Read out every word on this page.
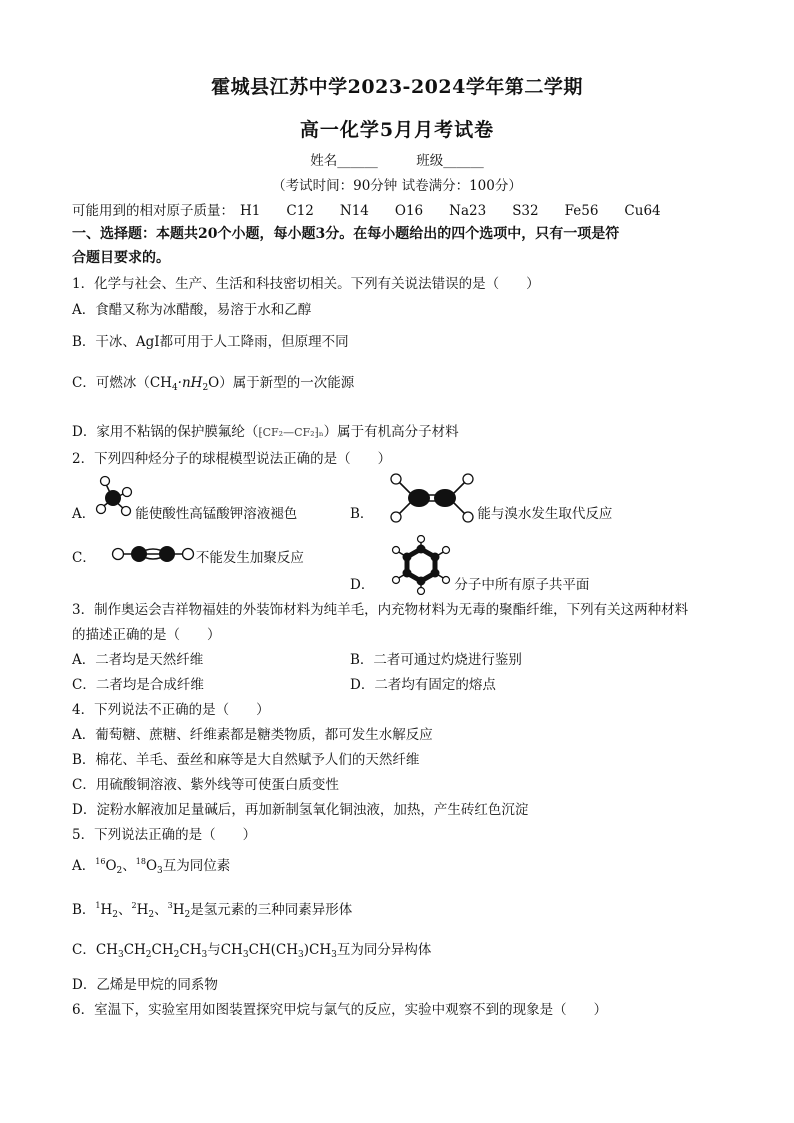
霍城县江苏中学2023-2024学年第二学期
高一化学5月月考试卷
姓名______	班级______
（考试时间：90分钟 试卷满分：100分）
可能用到的相对原子质量： H1 C12 N14 O16 Na23 S32 Fe56 Cu64
一、选择题：本题共20个小题，每小题3分。在每小题给出的四个选项中，只有一项是符
合题目要求的。
1．化学与社会、生产、生活和科技密切相关。下列有关说法错误的是（　　）
A．食醋又称为冰醋酸，易溶于水和乙醇
B．干冰、AgI都可用于人工降雨，但原理不同
C．可燃冰$(CH_4\cdot nH_2O)$属于新型的一次能源
D．家用不粘锅的保护膜氟纶（⁅CF₂—CF₂⁆ₙ）属于有机高分子材料
2．下列四种烃分子的球棍模型说法正确的是（　　）
A．	能使酸性高锰酸钾溶液褪色	B．	能与溴水发生取代反应
C．	不能发生加聚反应
D．	分子中所有原子共平面
3．制作奥运会吉祥物福娃的外装饰材料为纯羊毛，内充物材料为无毒的聚酯纤维，下列有关这两种材料
的描述正确的是（　　）
A．二者均是天然纤维	B．二者可通过灼烧进行鉴别
C．二者均是合成纤维	D．二者均有固定的熔点
4．下列说法不正确的是（　　）
A．葡萄糖、蔗糖、纤维素都是糖类物质，都可发生水解反应
B．棉花、羊毛、蚕丝和麻等是大自然赋予人们的天然纤维
C．用硫酸铜溶液、紫外线等可使蛋白质变性
D．淀粉水解液加足量碱后，再加新制氢氧化铜浊液，加热，产生砖红色沉淀
5．下列说法正确的是（　　）
A．$^{16}O_2$、$^{18}O_3$互为同位素
B．$^1H_2$、$^2H_2$、$^3H_2$是氢元素的三种同素异形体
C．$CH_3CH_2CH_2CH_3$与$CH_3CH(CH_3)CH_3$互为同分异构体
D．乙烯是甲烷的同系物
6．室温下，实验室用如图装置探究甲烷与氯气的反应，实验中观察不到的现象是（　　）
